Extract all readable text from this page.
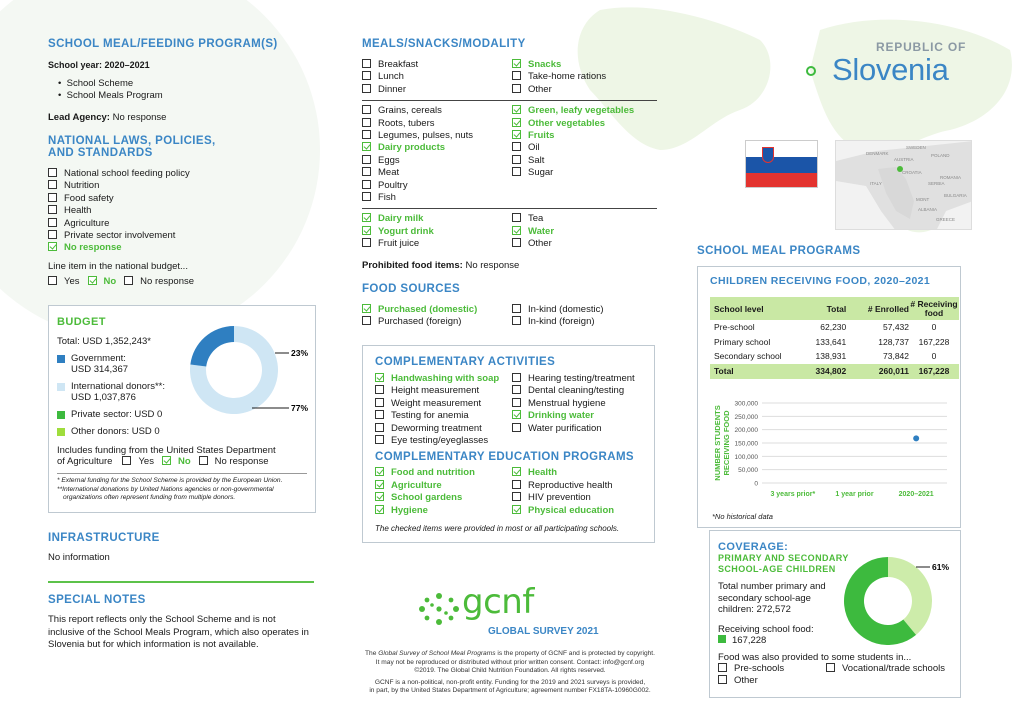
SCHOOL MEAL/FEEDING PROGRAM(S)
School year: 2020–2021
•  School Scheme
•  School Meals Program
Lead Agency: No response
NATIONAL LAWS, POLICIES,
AND STANDARDS
National school feeding policy
Nutrition
Food safety
Health
Agriculture
Private sector involvement
No response
Line item in the national budget...
Yes	No	No response
BUDGET
Total: USD 1,352,243*
Government:
USD 314,367
International donors**:
USD 1,037,876
Private sector: USD 0
Other donors: USD 0
Includes funding from the United States Department
of Agriculture	Yes	No	No response
* External funding for the School Scheme is provided by the European Union.
**International donations by United Nations agencies or non-governmental
organizations often represent funding from multiple donors.
23%
77%
INFRASTRUCTURE
No information
SPECIAL NOTES
This report reflects only the School Scheme and is not
inclusive of the School Meals Program, which also operates in
Slovenia but for which information is not available.
MEALS/SNACKS/MODALITY
Breakfast
Lunch
Dinner
Snacks
Take-home rations
Other
Grains, cereals
Roots, tubers
Legumes, pulses, nuts
Dairy products
Eggs
Meat
Poultry
Fish
Green, leafy vegetables
Other vegetables
Fruits
Oil
Salt
Sugar
Dairy milk
Yogurt drink
Fruit juice
Tea
Water
Other
Prohibited food items: No response
FOOD SOURCES
Purchased (domestic)
Purchased (foreign)
In-kind (domestic)
In-kind (foreign)
COMPLEMENTARY ACTIVITIES
Handwashing with soap
Height measurement
Weight measurement
Testing for anemia
Deworming treatment
Eye testing/eyeglasses
Hearing testing/treatment
Dental cleaning/testing
Menstrual hygiene
Drinking water
Water purification
COMPLEMENTARY EDUCATION PROGRAMS
Food and nutrition
Agriculture
School gardens
Hygiene
Health
Reproductive health
HIV prevention
Physical education
The checked items were provided in most or all participating schools.
gcnf
GLOBAL SURVEY 2021
The Global Survey of School Meal Programs is the property of GCNF and is protected by copyright.
It may not be reproduced or distributed without prior written consent. Contact: info@gcnf.org
©2019. The Global Child Nutrition Foundation. All rights reserved.
GCNF is a non-political, non-profit entity. Funding for the 2019 and 2021 surveys is provided,
in part, by the United States Department of Agriculture; agreement number FX18TA-10960G002.
REPUBLIC OF
Slovenia
SWEDEN
DENMARK	POLAND
AUSTRIA
CROATIA
ROMANIA
SERBIA
ITALY
BULGARIA
MONT
ALBANIA
GREECE
SCHOOL MEAL PROGRAMS
CHILDREN RECEIVING FOOD, 2020–2021
School level	Total	# Enrolled	# Receiving food
Pre-school	62,230	57,432	0
Primary school	133,641	128,737	167,228
Secondary school	138,931	73,842	0
Total	334,802	260,011	167,228
300,000
250,000
200,000
150,000
100,000
50,000
0
3 years prior*	1 year prior	2020–2021
NUMBER STUDENTSRECEIVING FOOD
*No historical data
COVERAGE:
PRIMARY AND SECONDARY
SCHOOL-AGE CHILDREN
Total number primary and
secondary school-age
children: 272,572
Receiving school food:
167,228
Food was also provided to some students in...
Pre-schools
Other
Vocational/trade schools
61%
